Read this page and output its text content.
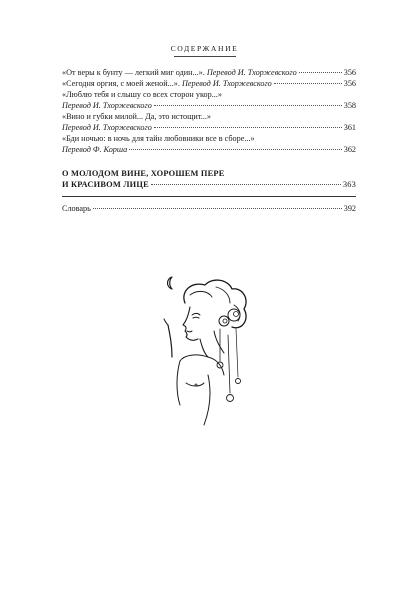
СОДЕРЖАНИЕ
«От веры к бунту — легкий миг один...». Перевод И. Тхоржевского	356
«Сегодня оргия, с моей женой...». Перевод И. Тхоржевского	356
«Люблю тебя и слышу со всех сторон укор...»
Перевод И. Тхоржевского	358
«Вино и губки милой... Да, это истощит...»
Перевод И. Тхоржевского	361
«Бди ночью: в ночь для тайн любовники все в сборе...»
Перевод Ф. Корша	362
О МОЛОДОМ ВИНЕ, ХОРОШЕМ ПЕРЕ
И КРАСИВОМ ЛИЦЕ	363
Словарь	392
